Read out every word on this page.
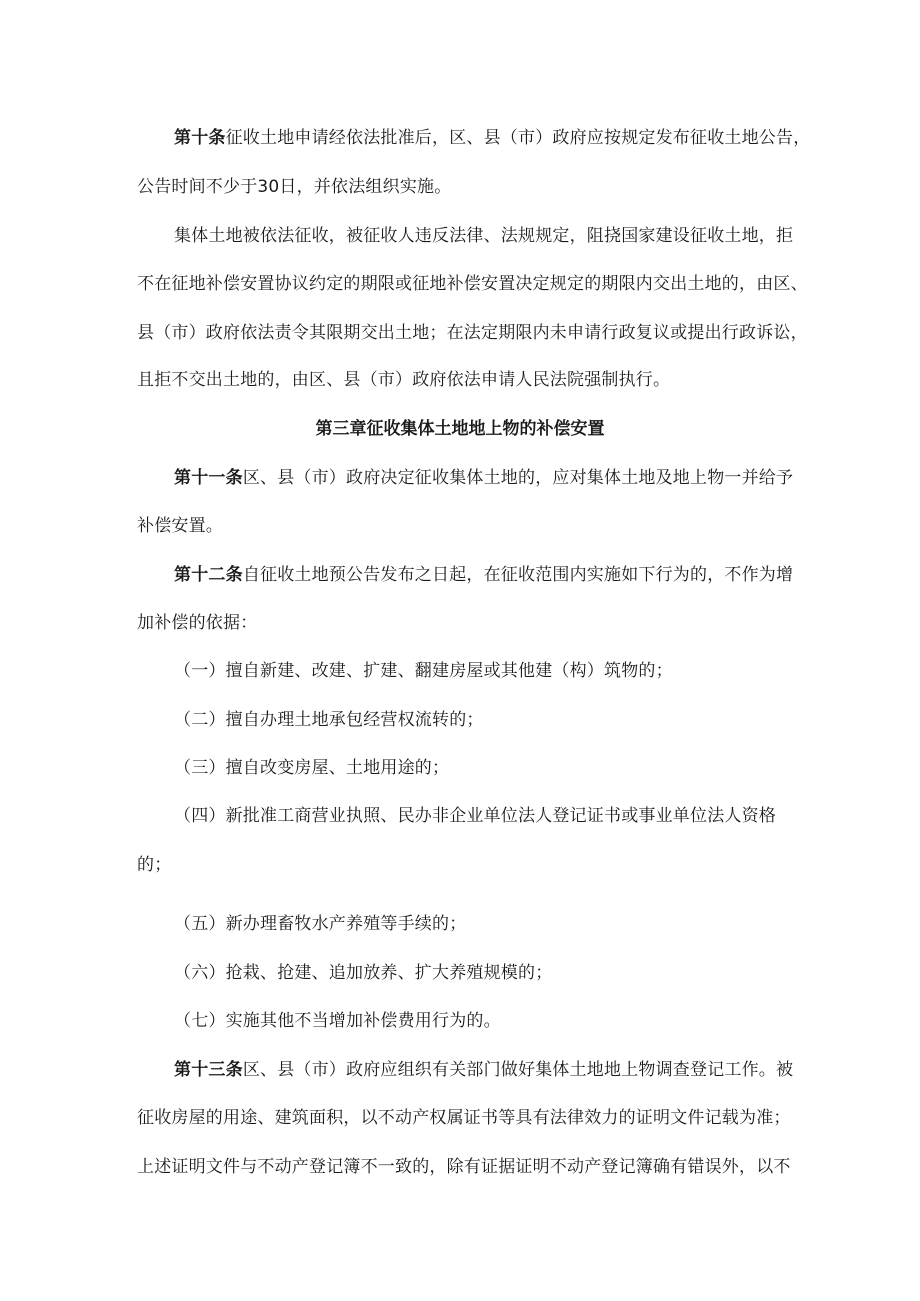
第十条征收土地申请经依法批准后，区、县（市）政府应按规定发布征收土地公告，
公告时间不少于30日，并依法组织实施。
集体土地被依法征收，被征收人违反法律、法规规定，阻挠国家建设征收土地，拒
不在征地补偿安置协议约定的期限或征地补偿安置决定规定的期限内交出土地的，由区、
县（市）政府依法责令其限期交出土地；在法定期限内未申请行政复议或提出行政诉讼，
且拒不交出土地的，由区、县（市）政府依法申请人民法院强制执行。
第三章征收集体土地地上物的补偿安置
第十一条区、县（市）政府决定征收集体土地的，应对集体土地及地上物一并给予
补偿安置。
第十二条自征收土地预公告发布之日起，在征收范围内实施如下行为的，不作为增
加补偿的依据：
（一）擅自新建、改建、扩建、翻建房屋或其他建（构）筑物的；
（二）擅自办理土地承包经营权流转的；
（三）擅自改变房屋、土地用途的；
（四）新批准工商营业执照、民办非企业单位法人登记证书或事业单位法人资格
的；
（五）新办理畜牧水产养殖等手续的；
（六）抢栽、抢建、追加放养、扩大养殖规模的；
（七）实施其他不当增加补偿费用行为的。
第十三条区、县（市）政府应组织有关部门做好集体土地地上物调查登记工作。被
征收房屋的用途、建筑面积，以不动产权属证书等具有法律效力的证明文件记载为准；
上述证明文件与不动产登记簿不一致的，除有证据证明不动产登记簿确有错误外，以不
